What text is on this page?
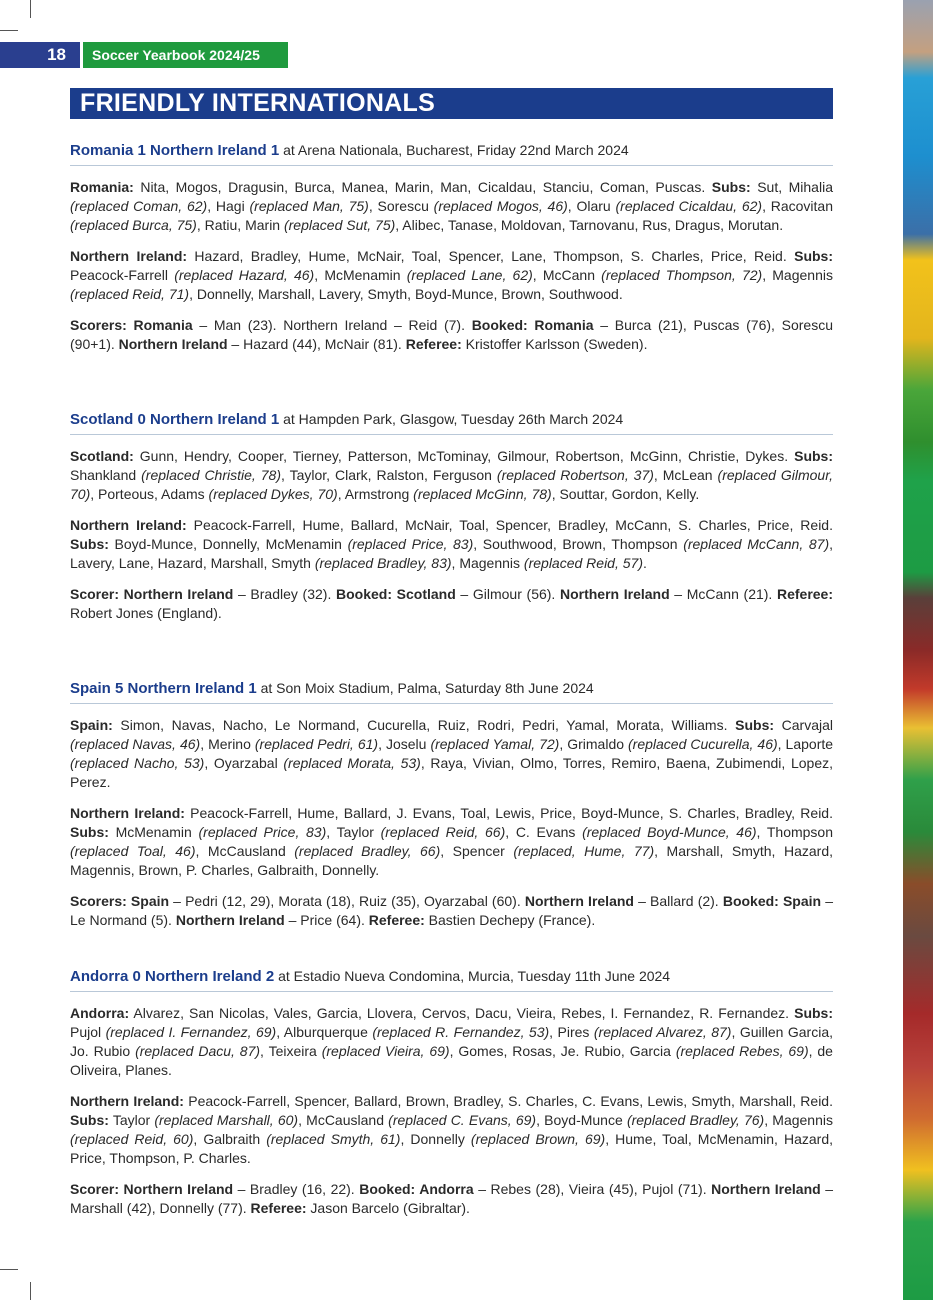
18	Soccer Yearbook 2024/25
FRIENDLY INTERNATIONALS
Romania 1 Northern Ireland 1 at Arena Nationala, Bucharest, Friday 22nd March 2024

Romania: Nita, Mogos, Dragusin, Burca, Manea, Marin, Man, Cicaldau, Stanciu, Coman, Puscas. Subs: Sut, Mihalia (replaced Coman, 62), Hagi (replaced Man, 75), Sorescu (replaced Mogos, 46), Olaru (replaced Cicaldau, 62), Racovitan (replaced Burca, 75), Ratiu, Marin (replaced Sut, 75), Alibec, Tanase, Moldovan, Tarnovanu, Rus, Dragus, Morutan.

Northern Ireland: Hazard, Bradley, Hume, McNair, Toal, Spencer, Lane, Thompson, S. Charles, Price, Reid. Subs: Peacock-Farrell (replaced Hazard, 46), McMenamin (replaced Lane, 62), McCann (replaced Thompson, 72), Magennis (replaced Reid, 71), Donnelly, Marshall, Lavery, Smyth, Boyd-Munce, Brown, Southwood.

Scorers: Romania – Man (23). Northern Ireland – Reid (7). Booked: Romania – Burca (21), Puscas (76), Sorescu (90+1). Northern Ireland – Hazard (44), McNair (81). Referee: Kristoffer Karlsson (Sweden).

Scotland 0 Northern Ireland 1 at Hampden Park, Glasgow, Tuesday 26th March 2024

Scotland: Gunn, Hendry, Cooper, Tierney, Patterson, McTominay, Gilmour, Robertson, McGinn, Christie, Dykes. Subs: Shankland (replaced Christie, 78), Taylor, Clark, Ralston, Ferguson (replaced Robertson, 37), McLean (replaced Gilmour, 70), Porteous, Adams (replaced Dykes, 70), Armstrong (replaced McGinn, 78), Souttar, Gordon, Kelly.

Northern Ireland: Peacock-Farrell, Hume, Ballard, McNair, Toal, Spencer, Bradley, McCann, S. Charles, Price, Reid. Subs: Boyd-Munce, Donnelly, McMenamin (replaced Price, 83), Southwood, Brown, Thompson (replaced McCann, 87), Lavery, Lane, Hazard, Marshall, Smyth (replaced Bradley, 83), Magennis (replaced Reid, 57).

Scorer: Northern Ireland – Bradley (32). Booked: Scotland – Gilmour (56). Northern Ireland – McCann (21). Referee: Robert Jones (England).

Spain 5 Northern Ireland 1 at Son Moix Stadium, Palma, Saturday 8th June 2024

Spain: Simon, Navas, Nacho, Le Normand, Cucurella, Ruiz, Rodri, Pedri, Yamal, Morata, Williams. Subs: Carvajal (replaced Navas, 46), Merino (replaced Pedri, 61), Joselu (replaced Yamal, 72), Grimaldo (replaced Cucurella, 46), Laporte (replaced Nacho, 53), Oyarzabal (replaced Morata, 53), Raya, Vivian, Olmo, Torres, Remiro, Baena, Zubimendi, Lopez, Perez.

Northern Ireland: Peacock-Farrell, Hume, Ballard, J. Evans, Toal, Lewis, Price, Boyd-Munce, S. Charles, Bradley, Reid. Subs: McMenamin (replaced Price, 83), Taylor (replaced Reid, 66), C. Evans (replaced Boyd-Munce, 46), Thompson (replaced Toal, 46), McCausland (replaced Bradley, 66), Spencer (replaced, Hume, 77), Marshall, Smyth, Hazard, Magennis, Brown, P. Charles, Galbraith, Donnelly.

Scorers: Spain – Pedri (12, 29), Morata (18), Ruiz (35), Oyarzabal (60). Northern Ireland – Ballard (2). Booked: Spain – Le Normand (5). Northern Ireland – Price (64). Referee: Bastien Dechepy (France).

Andorra 0 Northern Ireland 2 at Estadio Nueva Condomina, Murcia, Tuesday 11th June 2024

Andorra: Alvarez, San Nicolas, Vales, Garcia, Llovera, Cervos, Dacu, Vieira, Rebes, I. Fernandez, R. Fernandez. Subs: Pujol (replaced I. Fernandez, 69), Alburquerque (replaced R. Fernandez, 53), Pires (replaced Alvarez, 87), Guillen Garcia, Jo. Rubio (replaced Dacu, 87), Teixeira (replaced Vieira, 69), Gomes, Rosas, Je. Rubio, Garcia (replaced Rebes, 69), de Oliveira, Planes.

Northern Ireland: Peacock-Farrell, Spencer, Ballard, Brown, Bradley, S. Charles, C. Evans, Lewis, Smyth, Marshall, Reid. Subs: Taylor (replaced Marshall, 60), McCausland (replaced C. Evans, 69), Boyd-Munce (replaced Bradley, 76), Magennis (replaced Reid, 60), Galbraith (replaced Smyth, 61), Donnelly (replaced Brown, 69), Hume, Toal, McMenamin, Hazard, Price, Thompson, P. Charles.

Scorer: Northern Ireland – Bradley (16, 22). Booked: Andorra – Rebes (28), Vieira (45), Pujol (71). Northern Ireland – Marshall (42), Donnelly (77). Referee: Jason Barcelo (Gibraltar).
